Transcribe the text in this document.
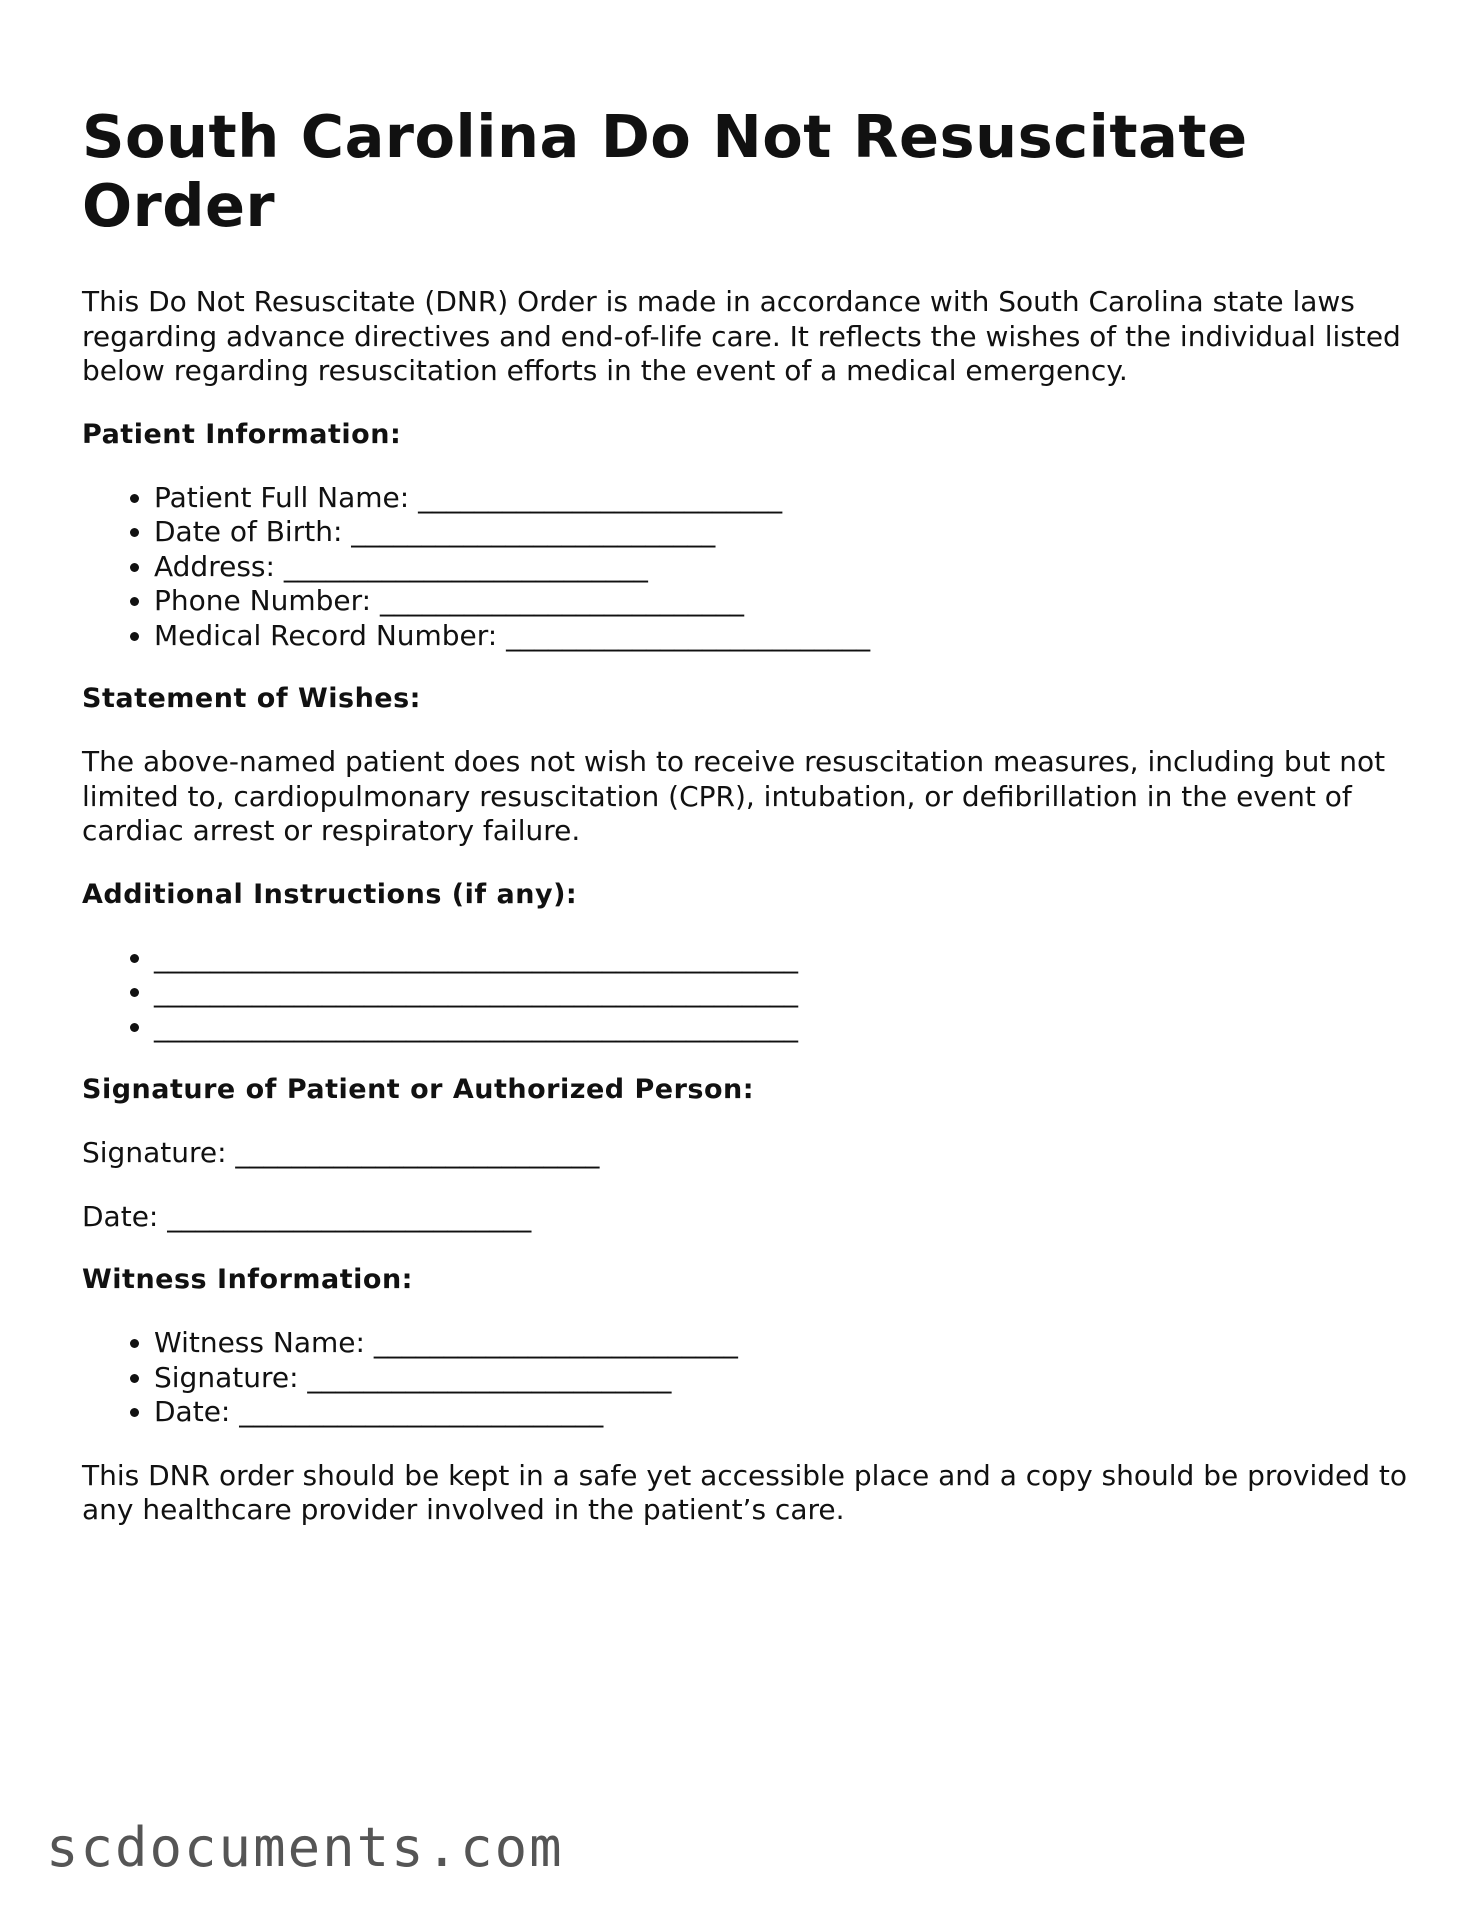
South Carolina Do Not Resuscitate Order

This Do Not Resuscitate (DNR) Order is made in accordance with South Carolina state laws regarding advance directives and end-of-life care. It reflects the wishes of the individual listed below regarding resuscitation efforts in the event of a medical emergency.

Patient Information:
• Patient Full Name: __________________________
• Date of Birth: __________________________
• Address: __________________________
• Phone Number: __________________________
• Medical Record Number: __________________________
Statement of Wishes:

The above-named patient does not wish to receive resuscitation measures, including but not limited to, cardiopulmonary resuscitation (CPR), intubation, or defibrillation in the event of cardiac arrest or respiratory failure.

Additional Instructions (if any):
• ______________________________________________
• ______________________________________________
• ______________________________________________
Signature of Patient or Authorized Person:

Signature: __________________________

Date: __________________________

Witness Information:
• Witness Name: __________________________
• Signature: __________________________
• Date: __________________________

This DNR order should be kept in a safe yet accessible place and a copy should be provided to any healthcare provider involved in the patient’s care.

scdocuments.com
